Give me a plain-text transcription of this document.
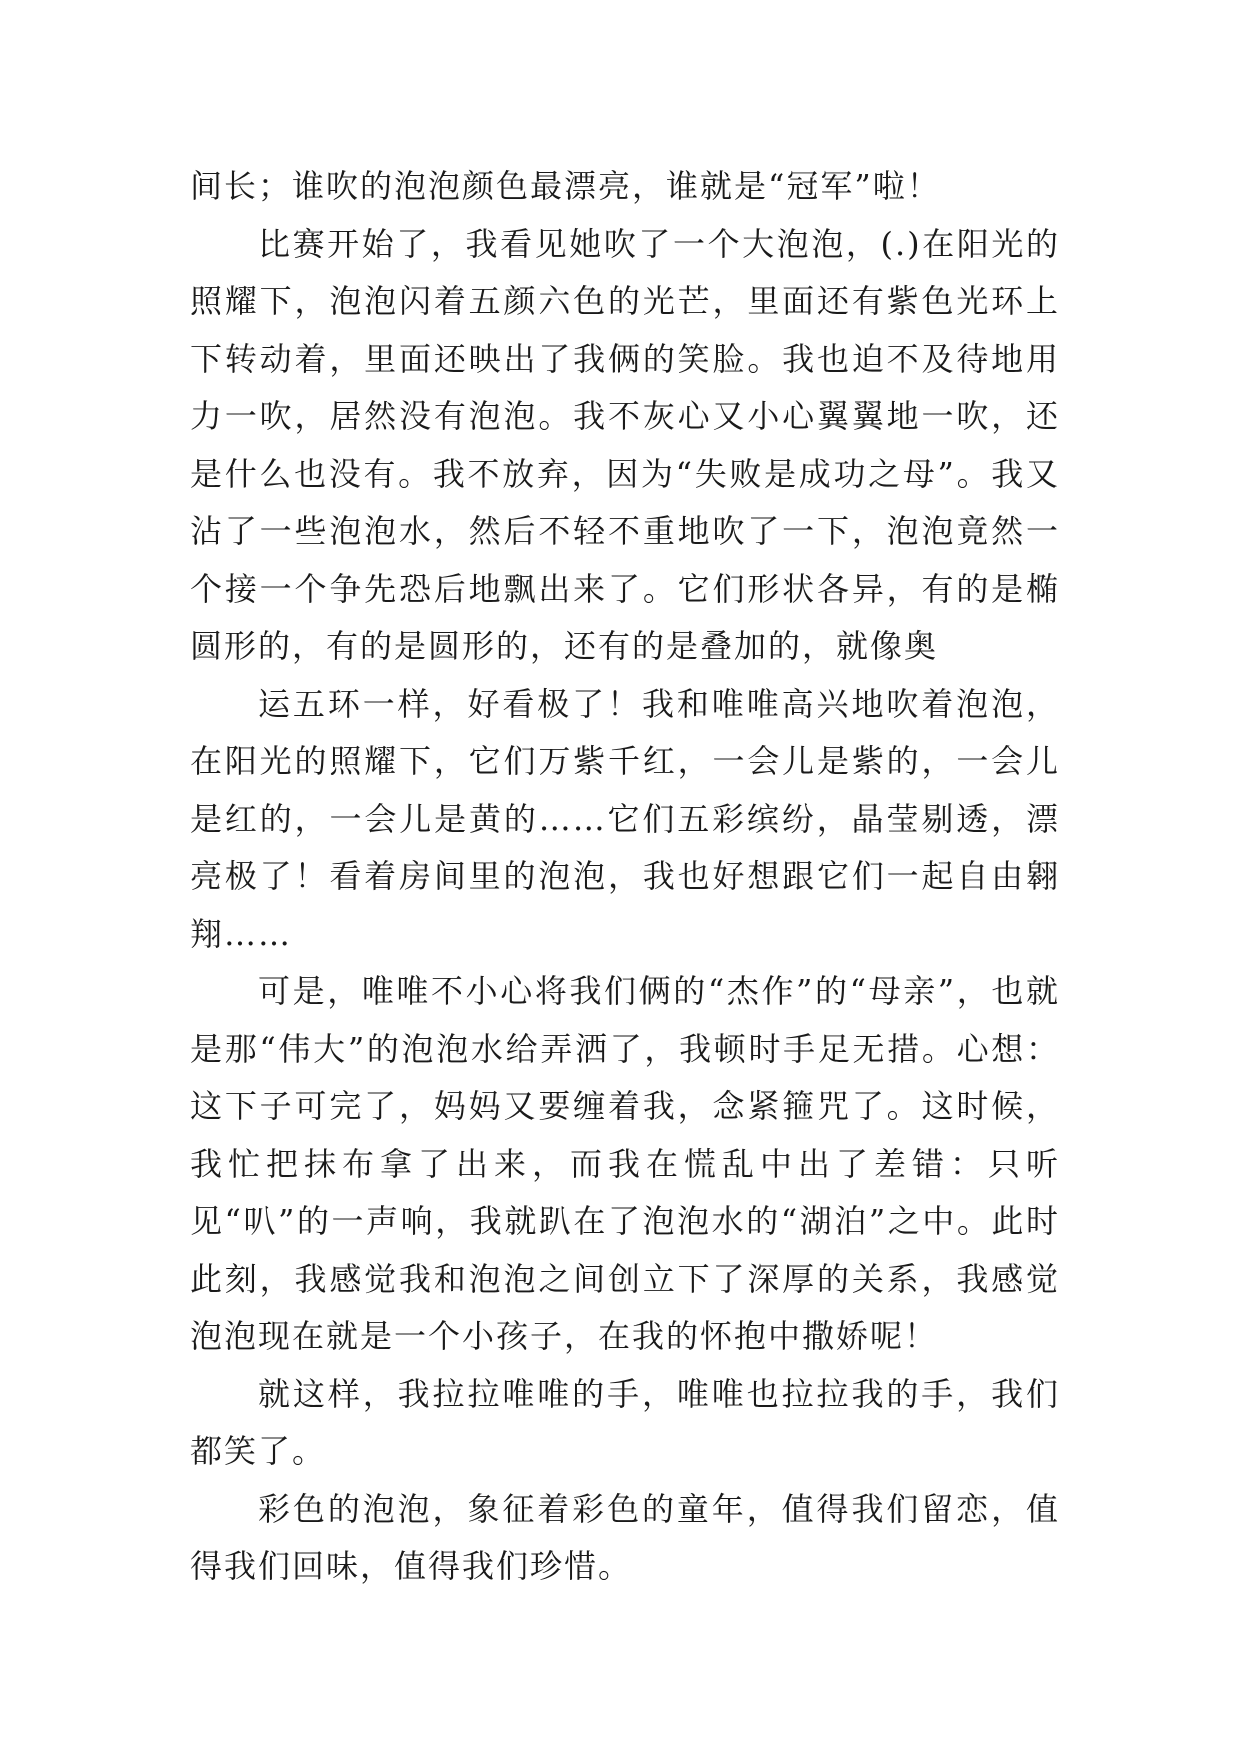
间长；谁吹的泡泡颜色最漂亮，谁就是“冠军”啦！

比赛开始了，我看见她吹了一个大泡泡，(.)在阳光的照耀下，泡泡闪着五颜六色的光芒，里面还有紫色光环上下转动着，里面还映出了我俩的笑脸。我也迫不及待地用力一吹，居然没有泡泡。我不灰心又小心翼翼地一吹，还是什么也没有。我不放弃，因为“失败是成功之母”。我又沾了一些泡泡水，然后不轻不重地吹了一下，泡泡竟然一个接一个争先恐后地飘出来了。它们形状各异，有的是椭圆形的，有的是圆形的，还有的是叠加的，就像奥

运五环一样，好看极了！我和唯唯高兴地吹着泡泡，在阳光的照耀下，它们万紫千红，一会儿是紫的，一会儿是红的，一会儿是黄的……它们五彩缤纷，晶莹剔透，漂亮极了！看着房间里的泡泡，我也好想跟它们一起自由翱翔……

可是，唯唯不小心将我们俩的“杰作”的“母亲”，也就是那“伟大”的泡泡水给弄洒了，我顿时手足无措。心想：这下子可完了，妈妈又要缠着我，念紧箍咒了。这时候，我忙把抹布拿了出来，而我在慌乱中出了差错：只听见“叭”的一声响，我就趴在了泡泡水的“湖泊”之中。此时此刻，我感觉我和泡泡之间创立下了深厚的关系，我感觉泡泡现在就是一个小孩子，在我的怀抱中撒娇呢！

就这样，我拉拉唯唯的手，唯唯也拉拉我的手，我们都笑了。

彩色的泡泡，象征着彩色的童年，值得我们留恋，值得我们回味，值得我们珍惜。
